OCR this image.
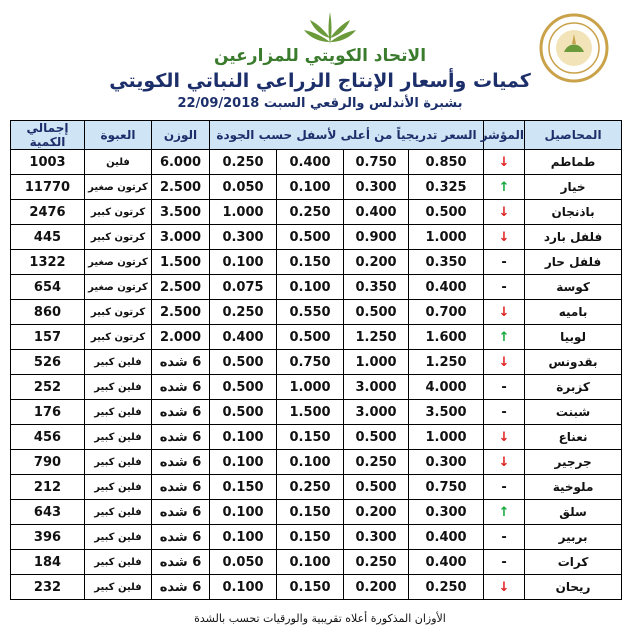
الاتحاد الكويتي للمزارعين
كميات وأسعار الإنتاج الزراعي النباتي الكويتي
بشبرة الأندلس والرقعي السبت 22/09/2018
المحاصيل	المؤشر	السعر تدريجياً من أعلى لأسفل حسب الجودة				الوزن	العبوة	إجمالي الكمية
طماطم	↓	0.850	0.750	0.400	0.250	6.000	فلين	1003
خيار	↑	0.325	0.300	0.100	0.050	2.500	كرتون صغير	11770
باذنجان	↓	0.500	0.400	0.250	1.000	3.500	كرتون كبير	2476
فلفل بارد	↓	1.000	0.900	0.500	0.300	3.000	كرتون كبير	445
فلفل حار	-	0.350	0.200	0.150	0.100	1.500	كرتون صغير	1322
كوسة	-	0.400	0.350	0.100	0.075	2.500	كرتون صغير	654
باميه	↓	0.700	0.500	0.550	0.250	2.500	كرتون كبير	860
لوبيا	↑	1.600	1.250	0.500	0.400	2.000	كرتون كبير	157
بقدونس	↓	1.250	1.000	0.750	0.500	6 شده	فلين كبير	526
كزبرة	-	4.000	3.000	1.000	0.500	6 شده	فلين كبير	252
شبنت	-	3.500	3.000	1.500	0.500	6 شده	فلين كبير	176
نعناع	↓	1.000	0.500	0.150	0.100	6 شده	فلين كبير	456
جرجير	↓	0.300	0.250	0.100	0.100	6 شده	فلين كبير	790
ملوخية	-	0.750	0.500	0.250	0.150	6 شده	فلين كبير	212
سلق	↑	0.300	0.200	0.150	0.100	6 شده	فلين كبير	643
بربير	-	0.400	0.300	0.150	0.100	6 شده	فلين كبير	396
كرات	-	0.400	0.250	0.100	0.050	6 شده	فلين كبير	184
ريحان	↓	0.250	0.200	0.150	0.100	6 شده	فلين كبير	232
الأوزان المذكورة أعلاه تقريبية والورقيات تحسب بالشدة
